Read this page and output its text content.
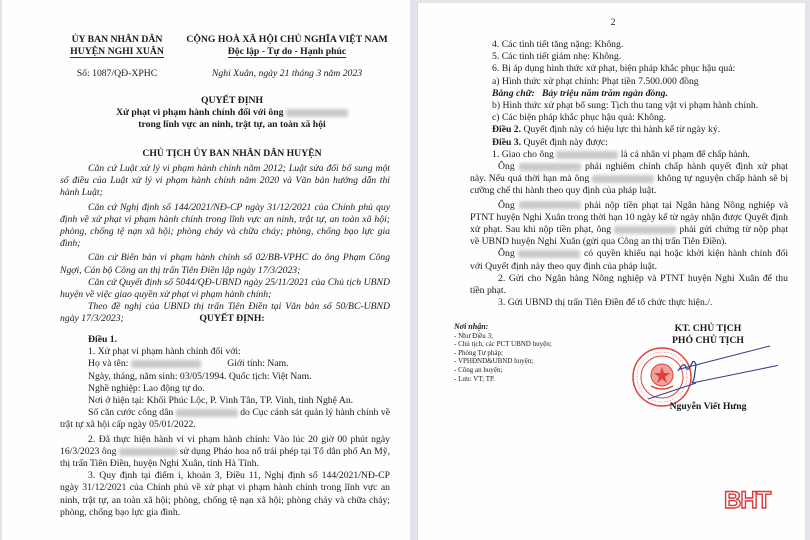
ỦY BAN NHÂN DÂN
HUYỆN NGHI XUÂN
CỘNG HOÀ XÃ HỘI CHỦ NGHĨA VIỆT NAM
Độc lập - Tự do - Hạnh phúc
Số: 1087/QĐ-XPHC	Nghi Xuân, ngày 21 tháng 3 năm 2023
QUYẾT ĐỊNH
Xử phạt vi phạm hành chính đối với ông
trong lĩnh vực an ninh, trật tự, an toàn xã hội
CHỦ TỊCH ỦY BAN NHÂN DÂN HUYỆN

Căn cứ Luật xử lý vi phạm hành chính năm 2012; Luật sửa đổi bổ sung một số điều của Luật xử lý vi phạm hành chính năm 2020 và Văn bản hướng dẫn thi hành Luật;

Căn cứ Nghị định số 144/2021/NĐ-CP ngày 31/12/2021 của Chính phủ quy định về xử phạt vi phạm hành chính trong lĩnh vực an ninh, trật tự, an toàn xã hội; phòng, chống tệ nạn xã hội; phòng cháy và chữa cháy; phòng, chống bạo lực gia đình;

Căn cứ Biên bản vi phạm hành chính số 02/BB-VPHC do ông Phạm Công Ngợi, Cán bộ Công an thị trấn Tiên Điền lập ngày 17/3/2023;

Căn cứ Quyết định số 5044/QĐ-UBND ngày 25/11/2021 của Chủ tịch UBND huyện về việc giao quyền xử phạt vi phạm hành chính;

Theo đề nghị của UBND thị trấn Tiên Điền tại Văn bản số 50/BC-UBND ngày 17/3/2023;	QUYẾT ĐỊNH:

Điều 1.

1. Xử phạt vi phạm hành chính đối với:

Họ và tên:	Giới tính: Nam.

Ngày, tháng, năm sinh: 03/05/1994. Quốc tịch: Việt Nam.

Nghề nghiệp: Lao động tự do.

Nơi ở hiện tại: Khối Phúc Lộc, P. Vinh Tân, TP. Vinh, tỉnh Nghệ An.

Số căn cước công dân	do Cục cảnh sát quản lý hành chính về trật tự xã hội cấp ngày 05/01/2022.

2. Đã thực hiện hành vi vi phạm hành chính: Vào lúc 20 giờ 00 phút ngày 16/3/2023 ông	sử dụng Pháo hoa nổ trái phép tại Tổ dân phố An Mỹ, thị trấn Tiên Điền, huyện Nghi Xuân, tỉnh Hà Tĩnh.

3. Quy định tại điểm i, khoản 3, Điều 11, Nghị định số 144/2021/NĐ-CP ngày 31/12/2021 của Chính phủ về xử phạt vi phạm hành chính trong lĩnh vực an ninh, trật tự, an toàn xã hội; phòng, chống tệ nạn xã hội; phòng cháy và chữa cháy; phòng, chống bạo lực gia đình.

2

4. Các tình tiết tăng nặng: Không.

5. Các tình tiết giảm nhẹ: Không.

6. Bị áp dụng hình thức xử phạt, biện pháp khắc phục hậu quả:

a) Hình thức xử phạt chính: Phạt tiền 7.500.000 đồng

Bằng chữ: Bảy triệu năm trăm ngàn đồng.

b) Hình thức xử phạt bổ sung: Tịch thu tang vật vi phạm hành chính.

c) Các biện pháp khắc phục hậu quả: Không.

Điều 2. Quyết định này có hiệu lực thi hành kể từ ngày ký.

Điều 3. Quyết định này được:

1. Giao cho ông	là cá nhân vi phạm để chấp hành.

Ông	phải nghiêm chỉnh chấp hành quyết định xử phạt này. Nếu quá thời hạn mà ông	không tự nguyện chấp hành sẽ bị cưỡng chế thi hành theo quy định của pháp luật.

Ông	phải nộp tiền phạt tại Ngân hàng Nông nghiệp và PTNT huyện Nghi Xuân trong thời hạn 10 ngày kể từ ngày nhận được Quyết định xử phạt. Sau khi nộp tiền phạt, ông	phải gửi chứng từ nộp phạt về UBND huyện Nghi Xuân (gửi qua Công an thị trấn Tiên Điền).

Ông	có quyền khiếu nại hoặc khởi kiện hành chính đối với Quyết định này theo quy định của pháp luật.

2. Gửi cho Ngân hàng Nông nghiệp và PTNT huyện Nghi Xuân để thu tiền phạt.

3. Gửi UBND thị trấn Tiên Điền để tổ chức thực hiện./.

Nơi nhận:
- Như Điều 3;
- Chủ tịch, các PCT UBND huyện;
- Phòng Tư pháp;
- VPHĐND&UBND huyện;
- Công an huyện;
- Lưu: VT; TP.
KT. CHỦ TỊCH
PHÓ CHỦ TỊCH
Nguyễn Viết Hưng
BHT
